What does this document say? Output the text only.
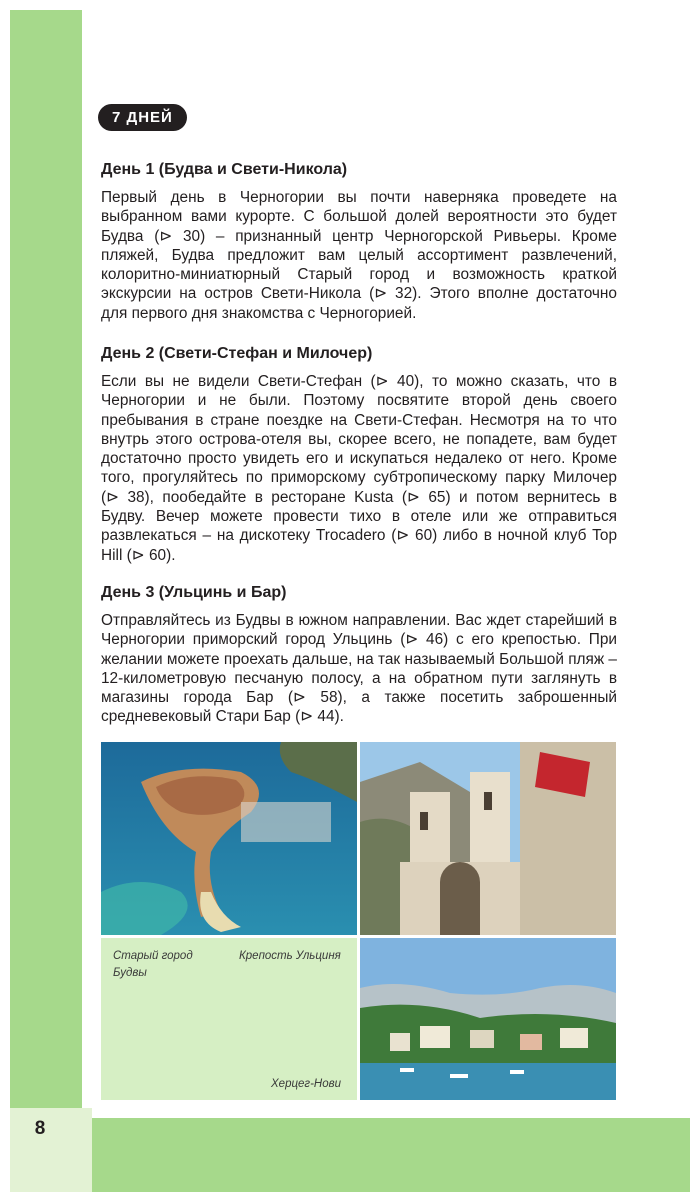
8
7 ДНЕЙ
День 1 (Будва и Свети-Никола)

Первый день в Черногории вы почти наверняка проведете на выбранном вами курорте. С большой долей вероятности это будет Будва (⊳ 30) – признанный центр Черногорской Ривьеры. Кроме пляжей, Будва предложит вам целый ассортимент развлечений, колоритно-миниатюрный Старый город и возможность краткой экскурсии на остров Свети-Никола (⊳ 32). Этого вполне достаточно для первого дня знакомства с Черногорией.

День 2 (Свети-Стефан и Милочер)

Если вы не видели Свети-Стефан (⊳ 40), то можно сказать, что в Черногории и не были. Поэтому посвятите второй день своего пребывания в стране поездке на Свети-Стефан. Несмотря на то что внутрь этого острова-отеля вы, скорее всего, не попадете, вам будет достаточно просто увидеть его и искупаться недалеко от него. Кроме того, прогуляйтесь по приморскому субтропическому парку Милочер (⊳ 38), пообедайте в ресторане Kusta (⊳ 65) и потом вернитесь в Будву. Вечер можете провести тихо в отеле или же отправиться развлекаться – на дискотеку Trocadero (⊳ 60) либо в ночной клуб Top Hill (⊳ 60).

День 3 (Ульцинь и Бар)

Отправляйтесь из Будвы в южном направлении. Вас ждет старейший в Черногории приморский город Ульцинь (⊳ 46) с его крепостью. При желании можете проехать дальше, на так называемый Большой пляж – 12-километровую песчаную полосу, а на обратном пути заглянуть в магазины города Бар (⊳ 58), а также посетить заброшенный средневековый Стари Бар (⊳ 44).

Старый город
Будвы
Крепость Ульциня
Херцег-Нови
